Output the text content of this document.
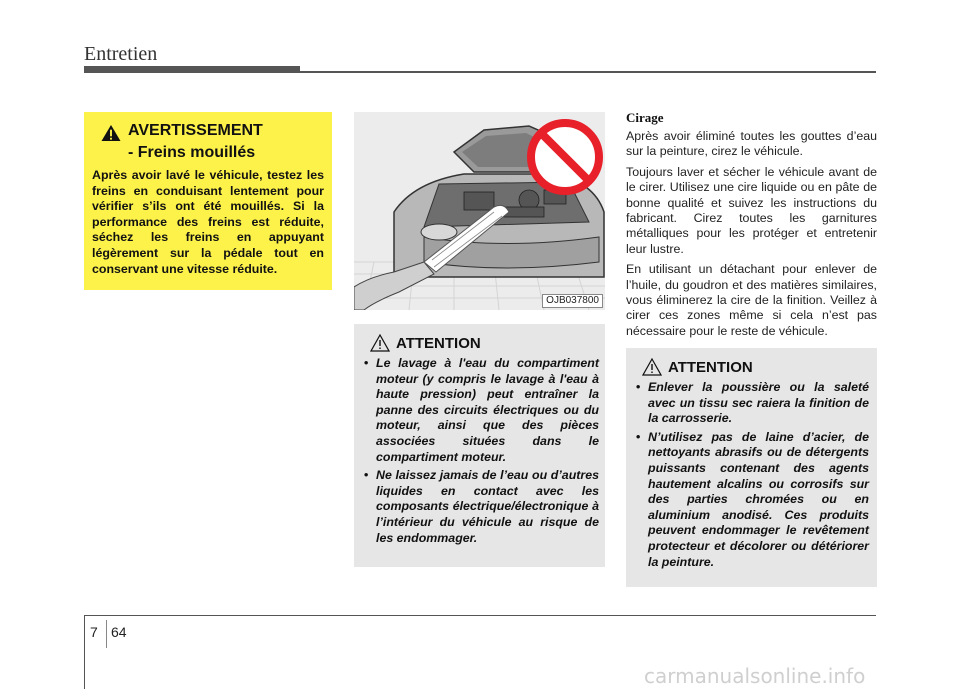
Entretien
AVERTISSEMENT
- Freins mouillés
Après avoir lavé le véhicule, testez les freins en conduisant lentement pour vérifier s’ils ont été mouillés. Si la performance des freins est réduite, séchez les freins en appuyant légèrement sur la pédale tout en conservant une vitesse réduite.
OJB037800
ATTENTION
• Le lavage à l'eau du compartiment moteur (y compris le lavage à l'eau à haute pression) peut entraîner la panne des circuits électriques ou du moteur, ainsi que des pièces associées situées dans le compartiment moteur.
• Ne laissez jamais de l’eau ou d’autres liquides en contact avec les composants électrique/électronique à l’intérieur du véhicule au risque de les endommager.
Cirage

Après avoir éliminé toutes les gouttes d’eau sur la peinture, cirez le véhicule.

Toujours laver et sécher le véhicule avant de le cirer. Utilisez une cire liquide ou en pâte de bonne qualité et suivez les instructions du fabricant. Cirez toutes les garnitures métalliques pour les protéger et entretenir leur lustre.

En utilisant un détachant pour enlever de l’huile, du goudron et des matières similaires, vous éliminerez la cire de la finition. Veillez à cirer ces zones même si cela n’est pas nécessaire pour le reste de véhicule.

ATTENTION
• Enlever la poussière ou la saleté avec un tissu sec raiera la finition de la carrosserie.
• N’utilisez pas de laine d’acier, de nettoyants abrasifs ou de détergents puissants contenant des agents hautement alcalins ou corrosifs sur des parties chromées ou en aluminium anodisé. Ces produits peuvent endommager le revêtement protecteur et décolorer ou détériorer la peinture.
7 64
carmanualsonline.info
